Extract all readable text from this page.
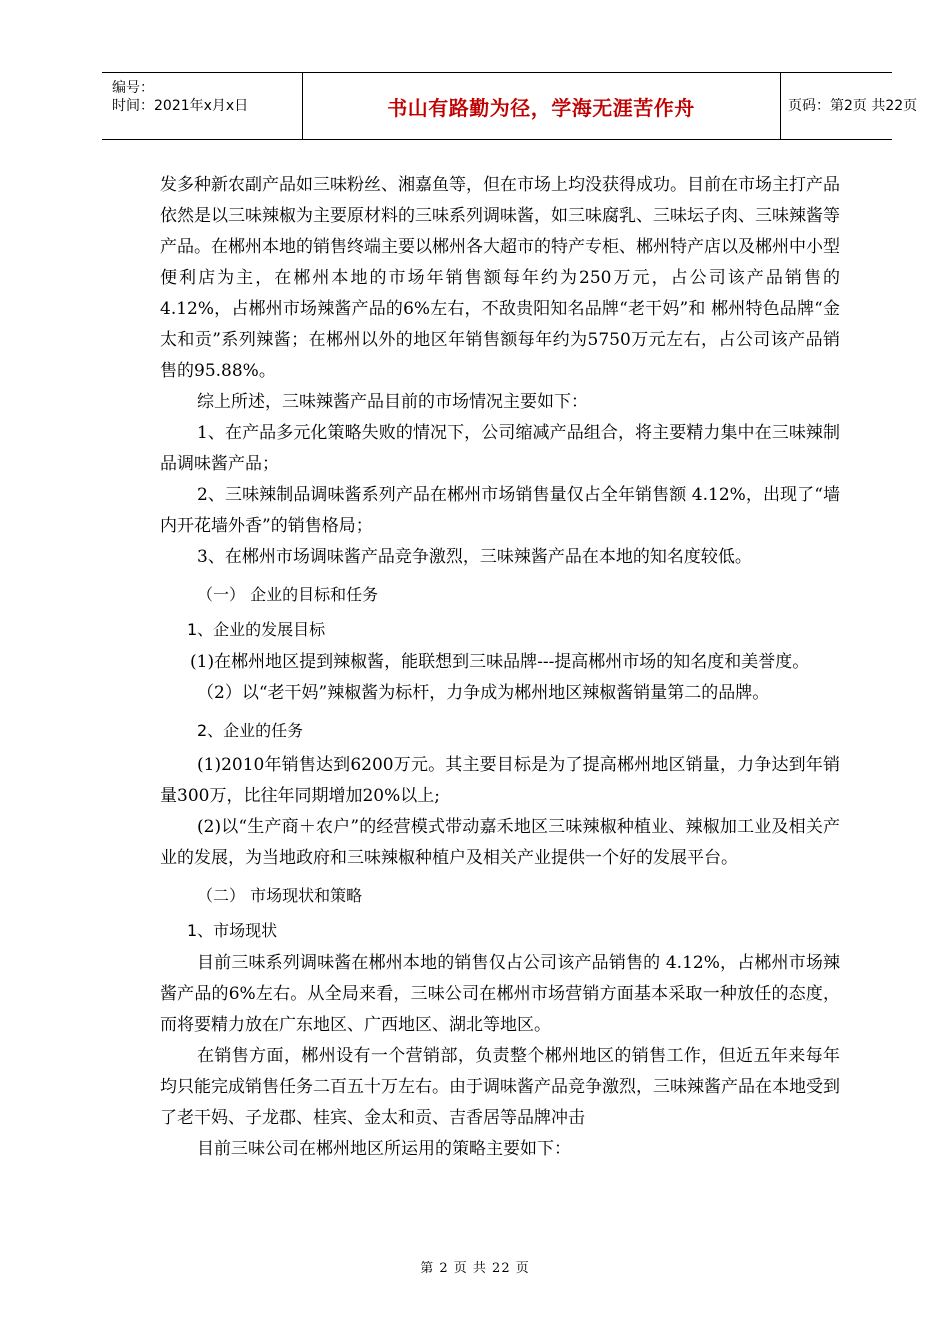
编号：
时间：2021年x月x日	书山有路勤为径，学海无涯苦作舟	页码：第2页 共22页

发多种新农副产品如三味粉丝、湘嘉鱼等，但在市场上均没获得成功。目前在市场主打产品依然是以三味辣椒为主要原材料的三味系列调味酱，如三味腐乳、三味坛子肉、三味辣酱等产品。在郴州本地的销售终端主要以郴州各大超市的特产专柜、郴州特产店以及郴州中小型便利店为主，在郴州本地的市场年销售额每年约为250万元，占公司该产品销售的4.12%，占郴州市场辣酱产品的6%左右，不敌贵阳知名品牌“老干妈”和 郴州特色品牌“金太和贡”系列辣酱；在郴州以外的地区年销售额每年约为5750万元左右，占公司该产品销售的95.88%。

综上所述，三味辣酱产品目前的市场情况主要如下：

1、在产品多元化策略失败的情况下，公司缩减产品组合，将主要精力集中在三味辣制品调味酱产品；

2、三味辣制品调味酱系列产品在郴州市场销售量仅占全年销售额 4.12%，出现了“墙内开花墙外香”的销售格局；

3、在郴州市场调味酱产品竞争激烈，三味辣酱产品在本地的知名度较低。

（一） 企业的目标和任务
1、企业的发展目标

(1)在郴州地区提到辣椒酱，能联想到三味品牌---提高郴州市场的知名度和美誉度。

（2）以“老干妈”辣椒酱为标杆，力争成为郴州地区辣椒酱销量第二的品牌。

2、企业的任务

(1)2010年销售达到6200万元。其主要目标是为了提高郴州地区销量，力争达到年销量300万，比往年同期增加20%以上;

(2)以“生产商＋农户”的经营模式带动嘉禾地区三味辣椒种植业、辣椒加工业及相关产业的发展，为当地政府和三味辣椒种植户及相关产业提供一个好的发展平台。

（二） 市场现状和策略
1、市场现状

目前三味系列调味酱在郴州本地的销售仅占公司该产品销售的 4.12%，占郴州市场辣酱产品的6%左右。从全局来看，三味公司在郴州市场营销方面基本采取一种放任的态度，而将要精力放在广东地区、广西地区、湖北等地区。

在销售方面，郴州设有一个营销部，负责整个郴州地区的销售工作，但近五年来每年均只能完成销售任务二百五十万左右。由于调味酱产品竞争激烈，三味辣酱产品在本地受到了老干妈、子龙郡、桂宾、金太和贡、吉香居等品牌冲击

目前三味公司在郴州地区所运用的策略主要如下：

第 2 页 共 22 页
